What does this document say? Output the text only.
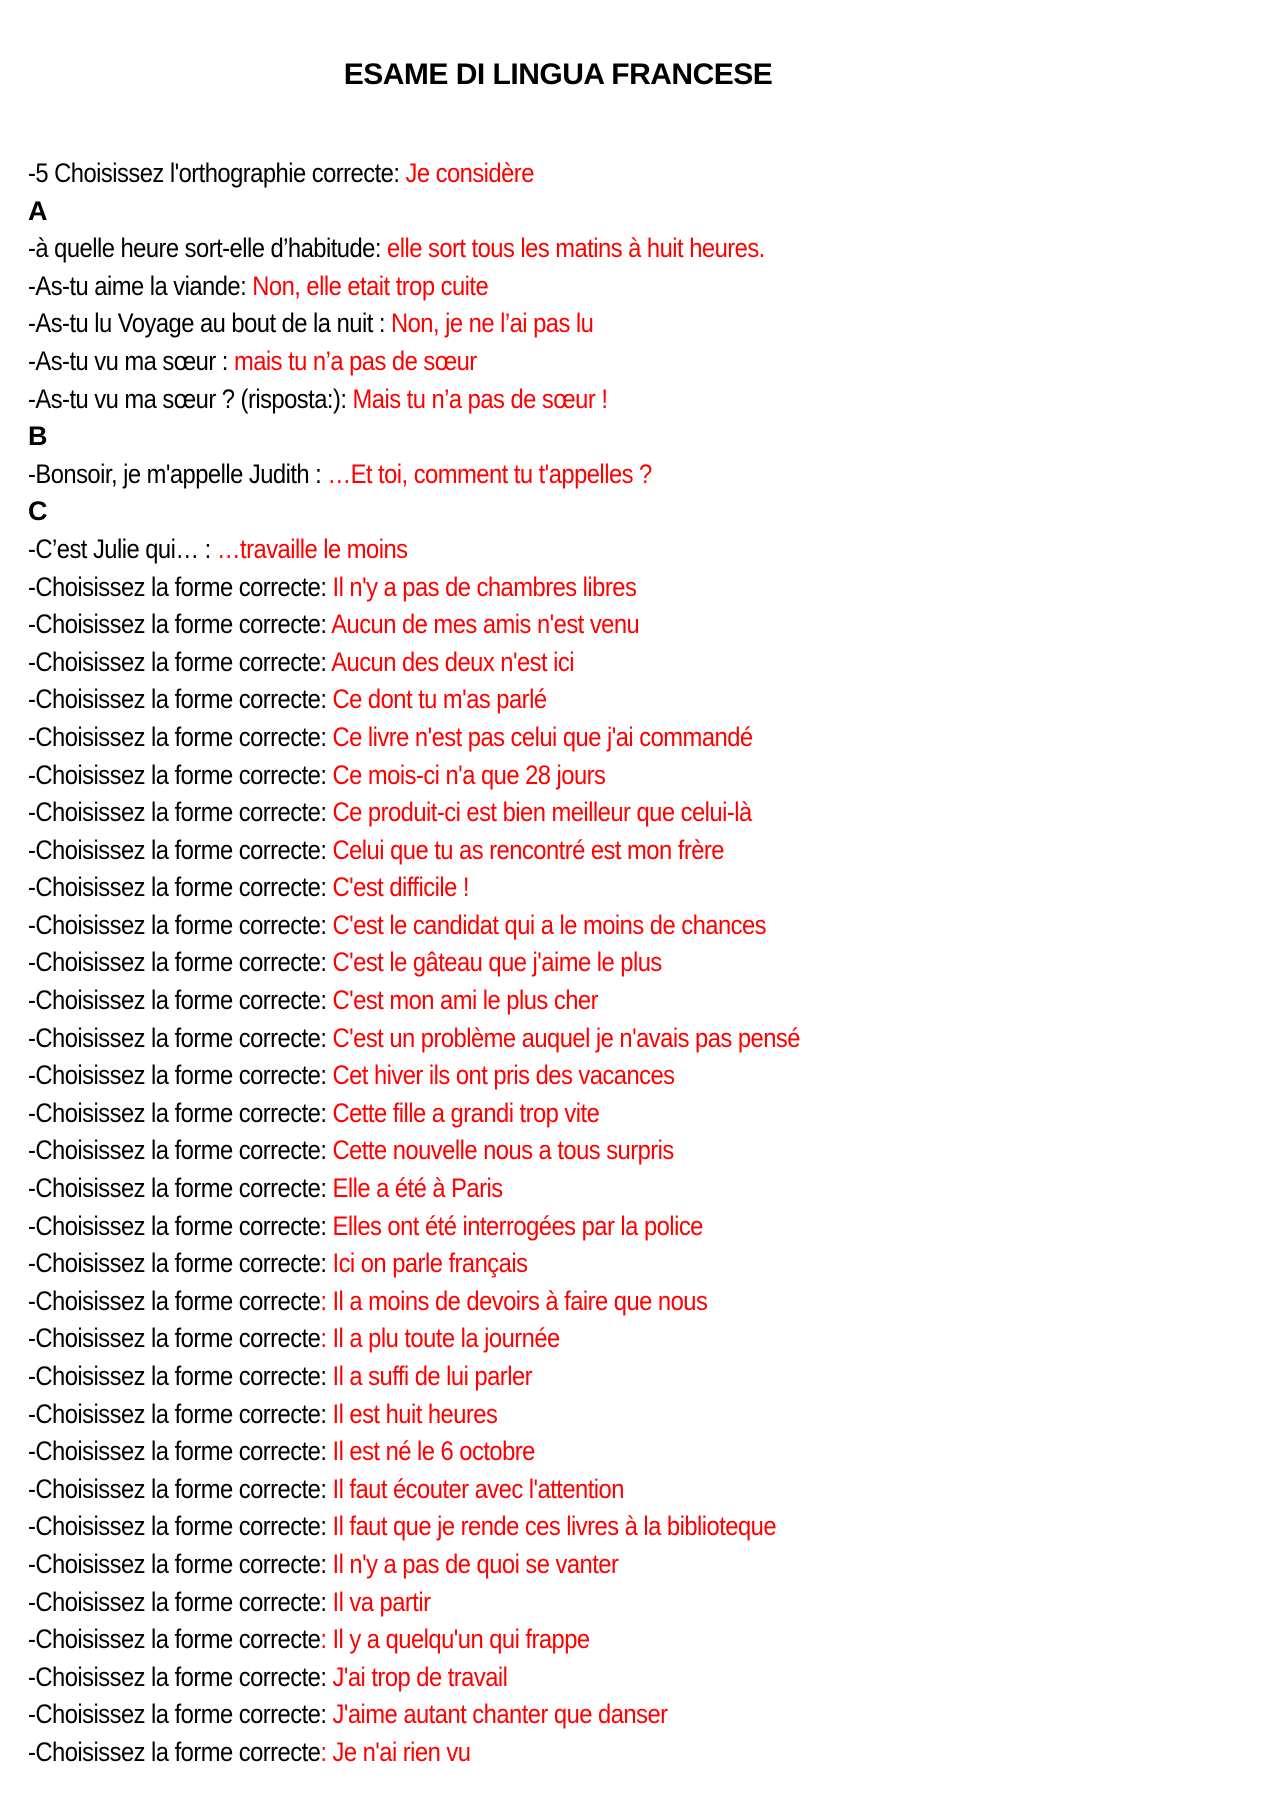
ESAME DI LINGUA FRANCESE
-5 Choisissez l'orthographie correcte: Je considère
A
-à quelle heure sort-elle d’habitude: elle sort tous les matins à huit heures.
-As-tu aime la viande: Non, elle etait trop cuite
-As-tu lu Voyage au bout de la nuit : Non, je ne l’ai pas lu
-As-tu vu ma sœur : mais tu n’a pas de sœur
-As-tu vu ma sœur ? (risposta:): Mais tu n’a pas de sœur !
B
-Bonsoir, je m'appelle Judith : …Et toi, comment tu t'appelles ?
C
-C’est Julie qui… : …travaille le moins
-Choisissez la forme correcte: Il n'y a pas de chambres libres
-Choisissez la forme correcte: Aucun de mes amis n'est venu
-Choisissez la forme correcte: Aucun des deux n'est ici
-Choisissez la forme correcte: Ce dont tu m'as parlé
-Choisissez la forme correcte: Ce livre n'est pas celui que j'ai commandé
-Choisissez la forme correcte: Ce mois-ci n'a que 28 jours
-Choisissez la forme correcte: Ce produit-ci est bien meilleur que celui-là
-Choisissez la forme correcte: Celui que tu as rencontré est mon frère
-Choisissez la forme correcte: C'est difficile !
-Choisissez la forme correcte: C'est le candidat qui a le moins de chances
-Choisissez la forme correcte: C'est le gâteau que j'aime le plus
-Choisissez la forme correcte: C'est mon ami le plus cher
-Choisissez la forme correcte: C'est un problème auquel je n'avais pas pensé
-Choisissez la forme correcte: Cet hiver ils ont pris des vacances
-Choisissez la forme correcte: Cette fille a grandi trop vite
-Choisissez la forme correcte: Cette nouvelle nous a tous surpris
-Choisissez la forme correcte: Elle a été à Paris
-Choisissez la forme correcte: Elles ont été interrogées par la police
-Choisissez la forme correcte: Ici on parle français
-Choisissez la forme correcte: Il a moins de devoirs à faire que nous
-Choisissez la forme correcte: Il a plu toute la journée
-Choisissez la forme correcte: Il a suffi de lui parler
-Choisissez la forme correcte: Il est huit heures
-Choisissez la forme correcte: Il est né le 6 octobre
-Choisissez la forme correcte: Il faut écouter avec l'attention
-Choisissez la forme correcte: Il faut que je rende ces livres à la biblioteque
-Choisissez la forme correcte: Il n'y a pas de quoi se vanter
-Choisissez la forme correcte: Il va partir
-Choisissez la forme correcte: Il y a quelqu'un qui frappe
-Choisissez la forme correcte: J'ai trop de travail
-Choisissez la forme correcte: J'aime autant chanter que danser
-Choisissez la forme correcte: Je n'ai rien vu
